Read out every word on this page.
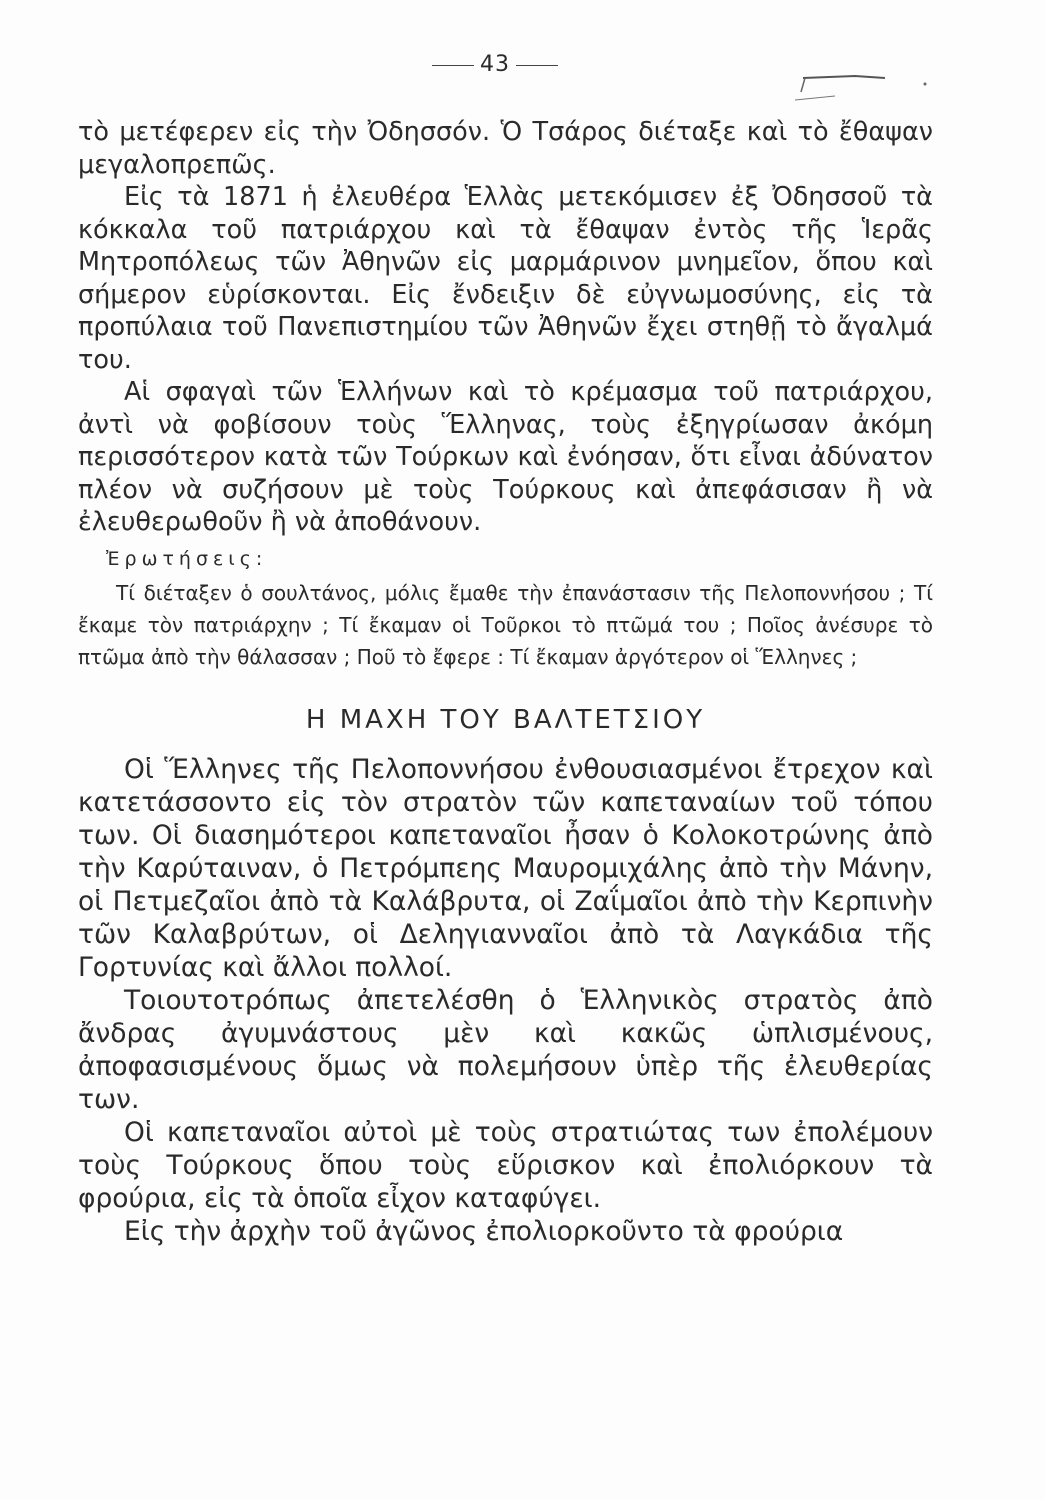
43

τὸ μετέφερεν εἰς τὴν Ὀδησσόν. Ὁ Τσάρος διέταξε καὶ τὸ ἔθαψαν μεγαλοπρεπῶς.

Εἰς τὰ 1871 ἡ ἐλευθέρα Ἑλλὰς μετεκόμισεν ἐξ Ὀδησσοῦ τὰ κόκκαλα τοῦ πατριάρχου καὶ τὰ ἔθαψαν ἐντὸς τῆς Ἱερᾶς Μητροπόλεως τῶν Ἀθηνῶν εἰς μαρμάρινον μνημεῖον, ὅπου καὶ σήμερον εὑρίσκονται. Εἰς ἔνδειξιν δὲ εὐγνωμοσύνης, εἰς τὰ προπύλαια τοῦ Πανεπιστημίου τῶν Ἀθηνῶν ἔχει στηθῇ τὸ ἄγαλμά του.

Αἱ σφαγαὶ τῶν Ἑλλήνων καὶ τὸ κρέμασμα τοῦ πατριάρχου, ἀντὶ νὰ φοβίσουν τοὺς Ἕλληνας, τοὺς ἐξηγρίωσαν ἀκόμη περισσότερον κατὰ τῶν Τούρκων καὶ ἐνόησαν, ὅτι εἶναι ἀδύνατον πλέον νὰ συζήσουν μὲ τοὺς Τούρκους καὶ ἀπεφάσισαν ἢ νὰ ἐλευθερωθοῦν ἢ νὰ ἀποθάνουν.

Ἐρωτήσεις:

Τί διέταξεν ὁ σουλτάνος, μόλις ἔμαθε τὴν ἐπανάστασιν τῆς Πελοποννήσου ; Τί ἔκαμε τὸν πατριάρχην ; Τί ἔκαμαν οἱ Τοῦρκοι τὸ πτῶμά του ; Ποῖος ἀνέσυρε τὸ πτῶμα ἀπὸ τὴν θάλασσαν ; Ποῦ τὸ ἔφερε : Τί ἔκαμαν ἀργότερον οἱ Ἕλληνες ;

Η ΜΑΧΗ ΤΟΥ ΒΑΛΤΕΤΣΙΟΥ

Οἱ Ἕλληνες τῆς Πελοποννήσου ἐνθουσιασμένοι ἔτρεχον καὶ κατετάσσοντο εἰς τὸν στρατὸν τῶν καπεταναίων τοῦ τόπου των. Οἱ διασημότεροι καπεταναῖοι ἦσαν ὁ Κολοκοτρώνης ἀπὸ τὴν Καρύταιναν, ὁ Πετρόμπεης Μαυρομιχάλης ἀπὸ τὴν Μάνην, οἱ Πετμεζαῖοι ἀπὸ τὰ Καλάβρυτα, οἱ Ζαΐμαῖοι ἀπὸ τὴν Κερπινὴν τῶν Καλαβρύτων, οἱ Δεληγιανναῖοι ἀπὸ τὰ Λαγκάδια τῆς Γορτυνίας καὶ ἄλλοι πολλοί.

Τοιουτοτρόπως ἀπετελέσθη ὁ Ἑλληνικὸς στρατὸς ἀπὸ ἄνδρας ἀγυμνάστους μὲν καὶ κακῶς ὡπλισμένους, ἀποφασισμένους ὅμως νὰ πολεμήσουν ὑπὲρ τῆς ἐλευθερίας των.

Οἱ καπεταναῖοι αὐτοὶ μὲ τοὺς στρατιώτας των ἐπολέμουν τοὺς Τούρκους ὅπου τοὺς εὕρισκον καὶ ἐπολιόρκουν τὰ φρούρια, εἰς τὰ ὁποῖα εἶχον καταφύγει.

Εἰς τὴν ἀρχὴν τοῦ ἀγῶνος ἐπολιορκοῦντο τὰ φρούρια
